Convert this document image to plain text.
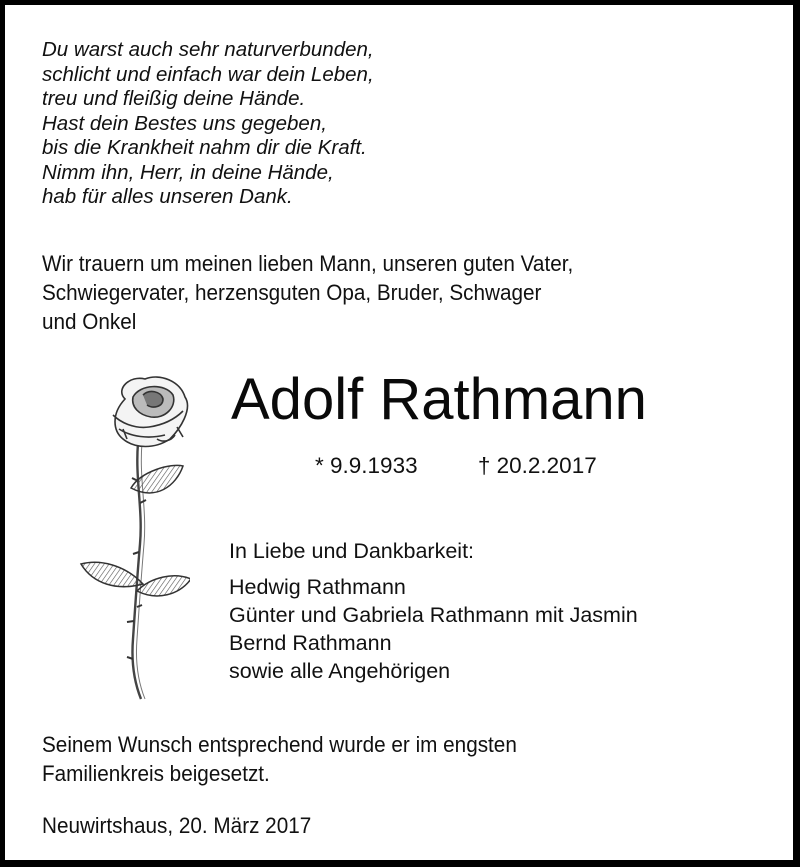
Du warst auch sehr naturverbunden,
schlicht und einfach war dein Leben,
treu und fleißig deine Hände.
Hast dein Bestes uns gegeben,
bis die Krankheit nahm dir die Kraft.
Nimm ihn, Herr, in deine Hände,
hab für alles unseren Dank.
Wir trauern um meinen lieben Mann, unseren guten Vater,
Schwiegervater, herzensguten Opa, Bruder, Schwager
und Onkel
Adolf Rathmann
* 9.9.1933	† 20.2.2017
In Liebe und Dankbarkeit:
Hedwig Rathmann
Günter und Gabriela Rathmann mit Jasmin
Bernd Rathmann
sowie alle Angehörigen
Seinem Wunsch entsprechend wurde er im engsten
Familienkreis beigesetzt.
Neuwirtshaus, 20. März 2017
